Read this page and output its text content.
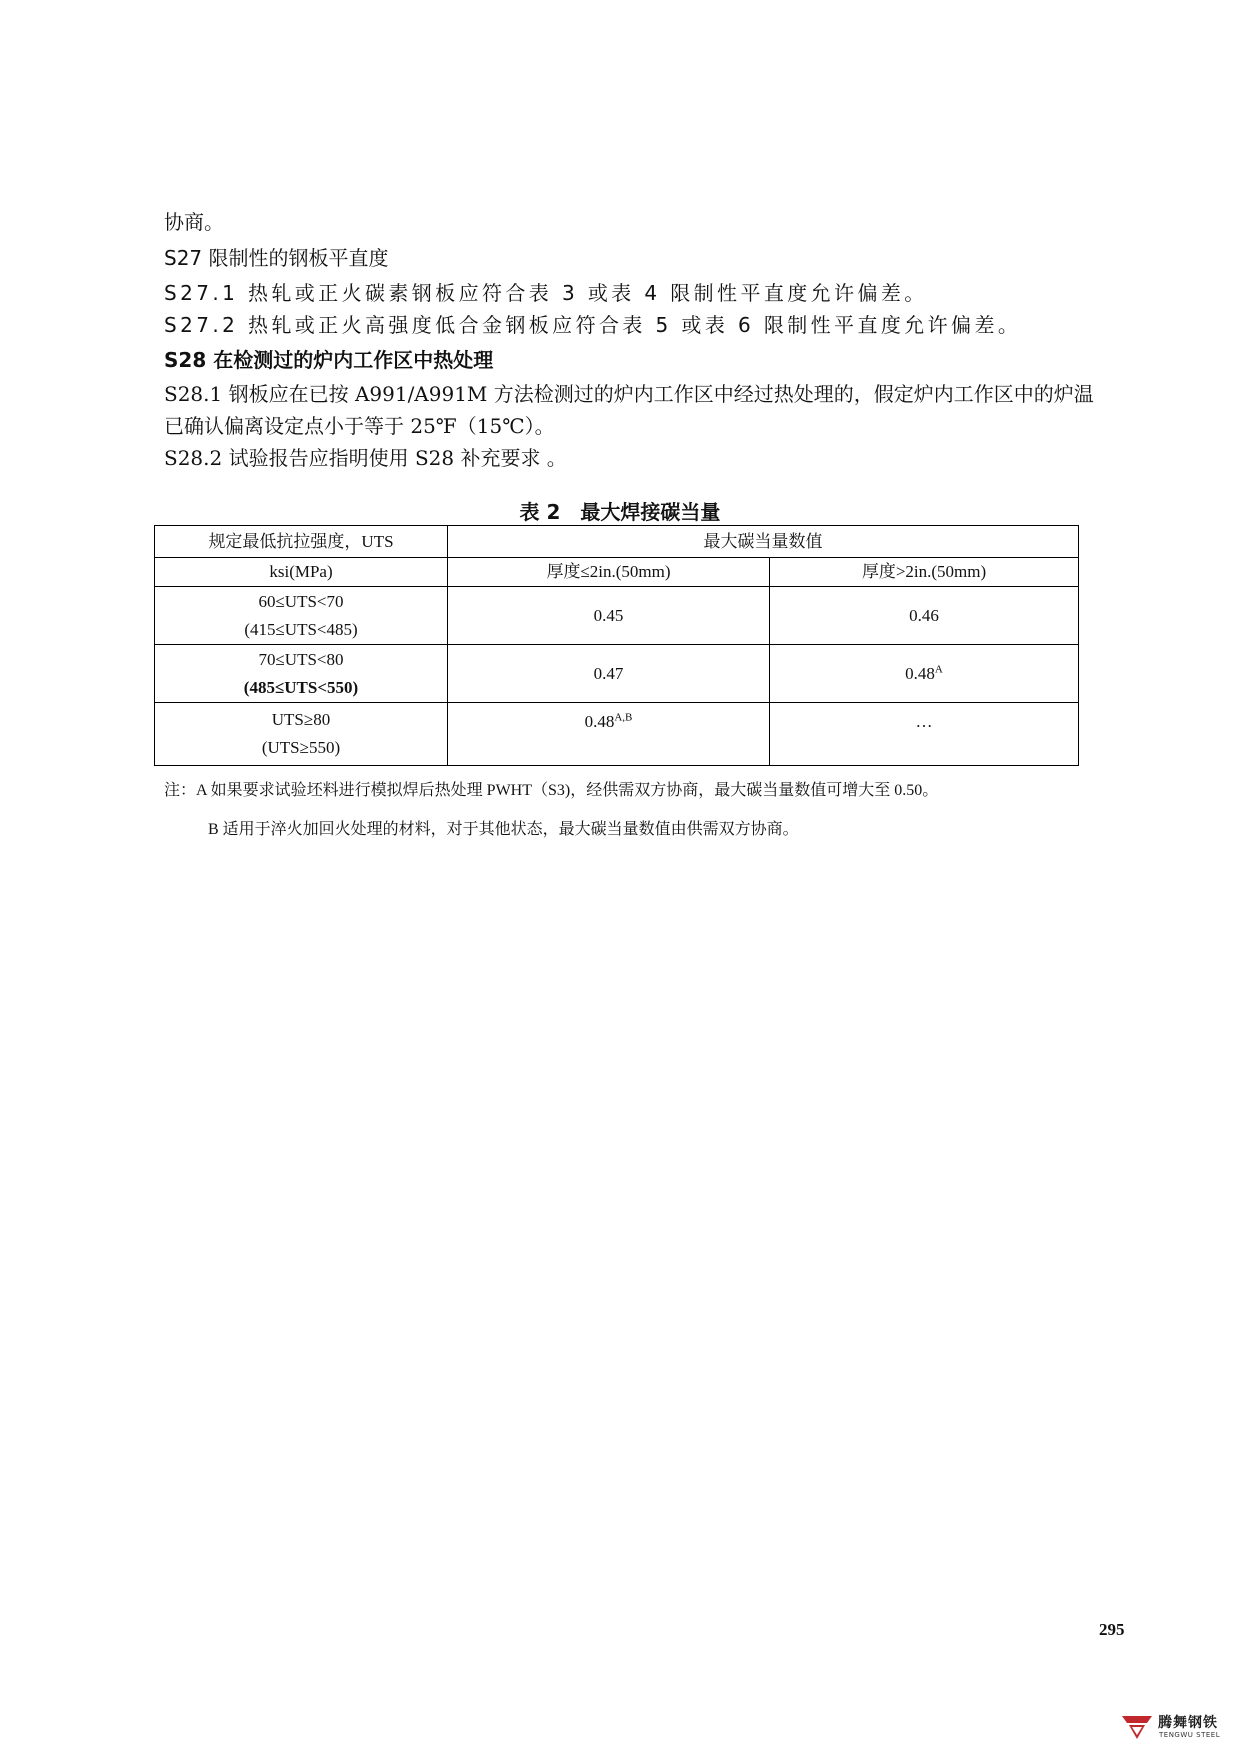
协商。

S27 限制性的钢板平直度

S27.1 热轧或正火碳素钢板应符合表 3 或表 4 限制性平直度允许偏差。

S27.2 热轧或正火高强度低合金钢板应符合表 5 或表 6 限制性平直度允许偏差。

S28 在检测过的炉内工作区中热处理

S28.1 钢板应在已按 A991/A991M 方法检测过的炉内工作区中经过热处理的，假定炉内工作区中的炉温

已确认偏离设定点小于等于 25℉（15℃）。

S28.2 试验报告应指明使用 S28 补充要求 。

表 2　最大焊接碳当量

规定最低抗拉强度，UTS	最大碳当量数值	
ksi(MPa)	厚度≤2in.(50mm)	厚度>2in.(50mm)

60≤UTS<70
(415≤UTS<485)	0.45	0.46

70≤UTS<80
(485≤UTS<550)	0.47	$0.48^A$

UTS≥80
(UTS≥550)	$0.48^{A,B}$	…

注：A 如果要求试验坯料进行模拟焊后热处理 PWHT（S3)，经供需双方协商，最大碳当量数值可增大至 0.50。

B 适用于淬火加回火处理的材料，对于其他状态，最大碳当量数值由供需双方协商。

295
腾舞钢铁
TENGWU STEEL
